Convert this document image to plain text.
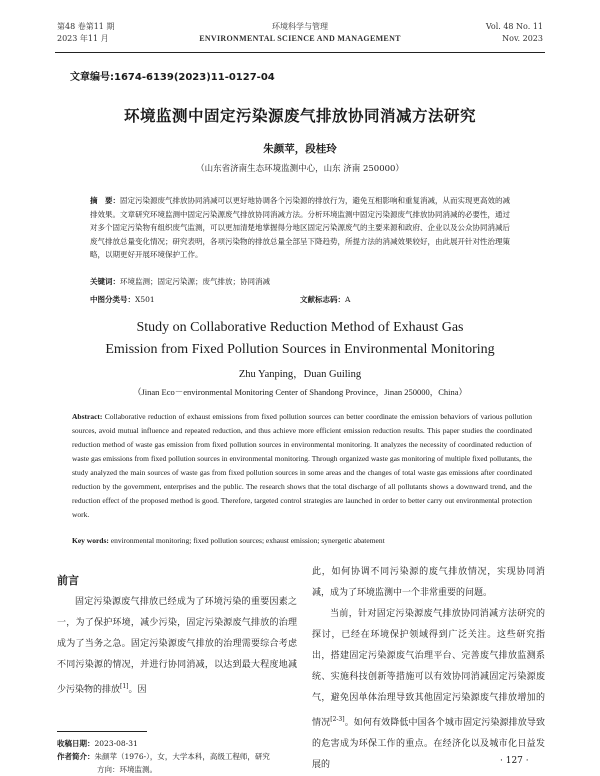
第48 卷第11 期
2023 年11 月
环境科学与管理
ENVIRONMENTAL SCIENCE AND MANAGEMENT
Vol. 48 No. 11
Nov. 2023
文章编号:1674-6139(2023)11-0127-04
环境监测中固定污染源废气排放协同消减方法研究
朱颜苹，段桂玲
（山东省济南生态环境监测中心，山东 济南 250000）
摘　要：固定污染源废气排放协同消减可以更好地协调各个污染源的排放行为，避免互相影响和重复消减，从而实现更高效的减排效果。文章研究环境监测中固定污染源废气排放协同消减方法。分析环境监测中固定污染源废气排放协同消减的必要性，通过对多个固定污染物有组织废气监测，可以更加清楚地掌握得分地区固定污染源废气的主要来源和政府、企业以及公众协同消减后废气排放总量变化情况；研究表明，各项污染物的排放总量全部呈下降趋势，所提方法的消减效果较好，由此展开针对性治理策略，以期更好开展环境保护工作。
关键词：环境监测；固定污染源；废气排放；协同消减
中图分类号：X501	文献标志码：A
Study on Collaborative Reduction Method of Exhaust Gas
Emission from Fixed Pollution Sources in Environmental Monitoring
Zhu Yanping，Duan Guiling
（Jinan Eco－environmental Monitoring Center of Shandong Province，Jinan 250000，China）
Abstract: Collaborative reduction of exhaust emissions from fixed pollution sources can better coordinate the emission behaviors of various pollution sources, avoid mutual influence and repeated reduction, and thus achieve more efficient emission reduction results. This paper studies the coordinated reduction method of waste gas emission from fixed pollution sources in environmental monitoring. It analyzes the necessity of coordinated reduction of waste gas emissions from fixed pollution sources in environmental monitoring. Through organized waste gas monitoring of multiple fixed pollutants, the study analyzed the main sources of waste gas from fixed pollution sources in some areas and the changes of total waste gas emissions after coordinated reduction by the government, enterprises and the public. The research shows that the total discharge of all pollutants shows a downward trend, and the reduction effect of the proposed method is good. Therefore, targeted control strategies are launched in order to better carry out environmental protection work.
Key words: environmental monitoring; fixed pollution sources; exhaust emission; synergetic abatement
前言
固定污染源废气排放已经成为了环境污染的重要因素之一，为了保护环境，减少污染，固定污染源废气排放的治理成为了当务之急。固定污染源废气排放的治理需要综合考虑不同污染源的情况，并进行协同消减，以达到最大程度地减少污染物的排放[1]。因
此，如何协调不同污染源的废气排放情况，实现协同消减，成为了环境监测中一个非常重要的问题。
当前，针对固定污染源废气排放协同消减方法研究的探讨，已经在环境保护领域得到广泛关注。这些研究指出，搭建固定污染源废气治理平台、完善废气排放监测系统、实施科技创新等措施可以有效协同消减固定污染源废气，避免因单体治理导致其他固定污染源废气排放增加的情况[2-3]。如何有效降低中国各个城市固定污染源排放导致的危害成为环保工作的重点。在经济化以及城市化日益发展的
收稿日期：2023-08-31
作者简介：朱颜苹（1976-），女，大学本科，高级工程师，研究
方向：环境监测。
· 127 ·
